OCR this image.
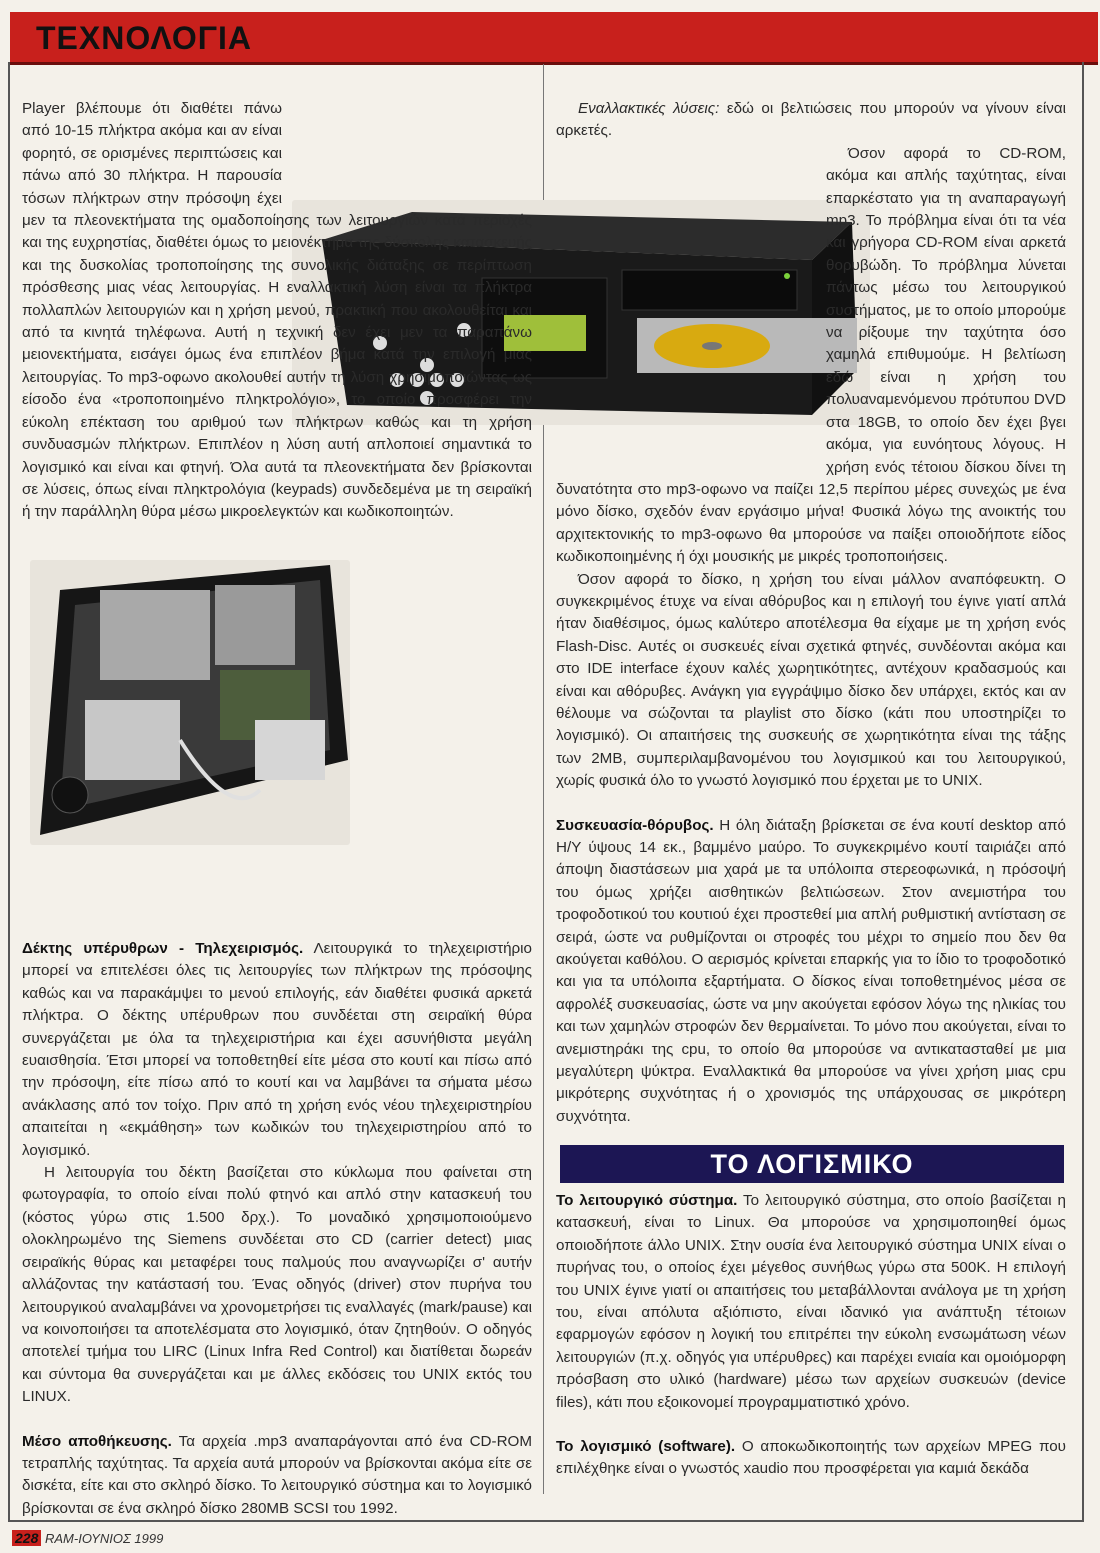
ΤΕΧΝΟΛΟΓΙΑ

Player βλέπουμε ότι διαθέτει πάνω από 10-15 πλήκτρα ακόμα και αν είναι φορητό, σε ορισμένες περιπτώσεις και πάνω από 30 πλήκτρα. Η παρουσία τόσων πλήκτρων στην πρόσοψη έχει μεν τα πλεονεκτήματα της ομαδοποίησης των λειτουργιών κατά περιοχές και της ευχρηστίας, διαθέτει όμως το μειονέκτημα της δύσκολης κατασκευής και της δυσκολίας τροποποίησης της συνολικής διάταξης σε περίπτωση πρόσθεσης μιας νέας λειτουργίας. Η εναλλακτική λύση είναι τα πλήκτρα πολλαπλών λειτουργιών και η χρήση μενού, πρακτική που ακολουθείται και από τα κινητά τηλέφωνα. Αυτή η τεχνική δεν έχει μεν τα παραπάνω μειονεκτήματα, εισάγει όμως ένα επιπλέον βήμα κατά την επιλογή μιας λειτουργίας. Το mp3-οφωνο ακολουθεί αυτήν τη λύση χρησιμοποιώντας ως είσοδο ένα «τροποποιημένο πληκτρολόγιο», το οποίο προσφέρει την εύκολη επέκταση του αριθμού των πλήκτρων καθώς και τη χρήση συνδυασμών πλήκτρων. Επιπλέον η λύση αυτή απλοποιεί σημαντικά το λογισμικό και είναι και φτηνή. Όλα αυτά τα πλεονεκτήματα δεν βρίσκονται σε λύσεις, όπως είναι πληκτρολόγια (keypads) συνδεδεμένα με τη σειραϊκή ή την παράλληλη θύρα μέσω μικροελεγκτών και κωδικοποιητών.

Δέκτης υπέρυθρων - Τηλεχειρισμός. Λειτουργικά το τηλεχειριστήριο μπορεί να επιτελέσει όλες τις λειτουργίες των πλήκτρων της πρόσοψης καθώς και να παρακάμψει το μενού επιλογής, εάν διαθέτει φυσικά αρκετά πλήκτρα. Ο δέκτης υπέρυθρων που συνδέεται στη σειραϊκή θύρα συνεργάζεται με όλα τα τηλεχειριστήρια και έχει ασυνήθιστα μεγάλη ευαισθησία. Έτσι μπορεί να τοποθετηθεί είτε μέσα στο κουτί και πίσω από την πρόσοψη, είτε πίσω από το κουτί και να λαμβάνει τα σήματα μέσω ανάκλασης από τον τοίχο. Πριν από τη χρήση ενός νέου τηλεχειριστηρίου απαιτείται η «εκμάθηση» των κωδικών του τηλεχειριστηρίου από το λογισμικό.

Η λειτουργία του δέκτη βασίζεται στο κύκλωμα που φαίνεται στη φωτογραφία, το οποίο είναι πολύ φτηνό και απλό στην κατασκευή του (κόστος γύρω στις 1.500 δρχ.). Το μοναδικό χρησιμοποιούμενο ολοκληρωμένο της Siemens συνδέεται στο CD (carrier detect) μιας σειραϊκής θύρας και μεταφέρει τους παλμούς που αναγνωρίζει σ' αυτήν αλλάζοντας την κατάστασή του. Ένας οδηγός (driver) στον πυρήνα του λειτουργικού αναλαμβάνει να χρονομετρήσει τις εναλλαγές (mark/pause) και να κοινοποιήσει τα αποτελέσματα στο λογισμικό, όταν ζητηθούν. Ο οδηγός αποτελεί τμήμα του LIRC (Linux Infra Red Control) και διατίθεται δωρεάν και σύντομα θα συνεργάζεται και με άλλες εκδόσεις του UNIX εκτός του LINUX.

Μέσο αποθήκευσης. Τα αρχεία .mp3 αναπαράγονται από ένα CD-ROM τετραπλής ταχύτητας. Τα αρχεία αυτά μπορούν να βρίσκονται ακόμα είτε σε δισκέτα, είτε και στο σκληρό δίσκο. Το λειτουργικό σύστημα και το λογισμικό βρίσκονται σε ένα σκληρό δίσκο 280MB SCSI του 1992.

Εναλλακτικές λύσεις: εδώ οι βελτιώσεις που μπορούν να γίνουν είναι αρκετές.

Όσον αφορά το CD-ROM, ακόμα και απλής ταχύτητας, είναι επαρκέστατο για τη αναπαραγωγή mp3. Το πρόβλημα είναι ότι τα νέα και γρήγορα CD-ROM είναι αρκετά θορυβώδη. Το πρόβλημα λύνεται πάντως μέσω του λειτουργικού συστήματος, με το οποίο μπορούμε να ρίξουμε την ταχύτητα όσο χαμηλά επιθυμούμε. Η βελτίωση εδώ είναι η χρήση του πολυαναμενόμενου πρότυπου DVD στα 18GB, το οποίο δεν έχει βγει ακόμα, για ευνόητους λόγους. Η χρήση ενός τέτοιου δίσκου δίνει τη δυνατότητα στο mp3-οφωνο να παίζει 12,5 περίπου μέρες συνεχώς με ένα μόνο δίσκο, σχεδόν έναν εργάσιμο μήνα! Φυσικά λόγω της ανοικτής του αρχιτεκτονικής το mp3-οφωνο θα μπορούσε να παίξει οποιοδήποτε είδος κωδικοποιημένης ή όχι μουσικής με μικρές τροποποιήσεις.

Όσον αφορά το δίσκο, η χρήση του είναι μάλλον αναπόφευκτη. Ο συγκεκριμένος έτυχε να είναι αθόρυβος και η επιλογή του έγινε γιατί απλά ήταν διαθέσιμος, όμως καλύτερο αποτέλεσμα θα είχαμε με τη χρήση ενός Flash-Disc. Αυτές οι συσκευές είναι σχετικά φτηνές, συνδέονται ακόμα και στο IDE interface έχουν καλές χωρητικότητες, αντέχουν κραδασμούς και είναι και αθόρυβες. Ανάγκη για εγγράψιμο δίσκο δεν υπάρχει, εκτός και αν θέλουμε να σώζονται τα playlist στο δίσκο (κάτι που υποστηρίζει το λογισμικό). Οι απαιτήσεις της συσκευής σε χωρητικότητα είναι της τάξης των 2MB, συμπεριλαμβανομένου του λογισμικού και του λειτουργικού, χωρίς φυσικά όλο το γνωστό λογισμικό που έρχεται με το UNIX.

Συσκευασία-θόρυβος. Η όλη διάταξη βρίσκεται σε ένα κουτί desktop από Η/Υ ύψους 14 εκ., βαμμένο μαύρο. Το συγκεκριμένο κουτί ταιριάζει από άποψη διαστάσεων μια χαρά με τα υπόλοιπα στερεοφωνικά, η πρόσοψή του όμως χρήζει αισθητικών βελτιώσεων. Στον ανεμιστήρα του τροφοδοτικού του κουτιού έχει προστεθεί μια απλή ρυθμιστική αντίσταση σε σειρά, ώστε να ρυθμίζονται οι στροφές του μέχρι το σημείο που δεν θα ακούγεται καθόλου. Ο αερισμός κρίνεται επαρκής για το ίδιο το τροφοδοτικό και για τα υπόλοιπα εξαρτήματα. Ο δίσκος είναι τοποθετημένος μέσα σε αφρολέξ συσκευασίας, ώστε να μην ακούγεται εφόσον λόγω της ηλικίας του και των χαμηλών στροφών δεν θερμαίνεται. Το μόνο που ακούγεται, είναι το ανεμιστηράκι της cpu, το οποίο θα μπορούσε να αντικατασταθεί με μια μεγαλύτερη ψύκτρα. Εναλλακτικά θα μπορούσε να γίνει χρήση μιας cpu μικρότερης συχνότητας ή ο χρονισμός της υπάρχουσας σε μικρότερη συχνότητα.

ΤΟ ΛΟΓΙΣΜΙΚΟ

Το λειτουργικό σύστημα. Το λειτουργικό σύστημα, στο οποίο βασίζεται η κατασκευή, είναι το Linux. Θα μπορούσε να χρησιμοποιηθεί όμως οποιοδήποτε άλλο UNIX. Στην ουσία ένα λειτουργικό σύστημα UNIX είναι ο πυρήνας του, ο οποίος έχει μέγεθος συνήθως γύρω στα 500K. Η επιλογή του UNIX έγινε γιατί οι απαιτήσεις του μεταβάλλονται ανάλογα με τη χρήση του, είναι απόλυτα αξιόπιστο, είναι ιδανικό για ανάπτυξη τέτοιων εφαρμογών εφόσον η λογική του επιτρέπει την εύκολη ενσωμάτωση νέων λειτουργιών (π.χ. οδηγός για υπέρυθρες) και παρέχει ενιαία και ομοιόμορφη πρόσβαση στο υλικό (hardware) μέσω των αρχείων συσκευών (device files), κάτι που εξοικονομεί προγραμματιστικό χρόνο.

Το λογισμικό (software). Ο αποκωδικοποιητής των αρχείων MPEG που επιλέχθηκε είναι ο γνωστός xaudio που προσφέρεται για καμιά δεκάδα

228 RAM-ΙΟΥΝΙΟΣ 1999
